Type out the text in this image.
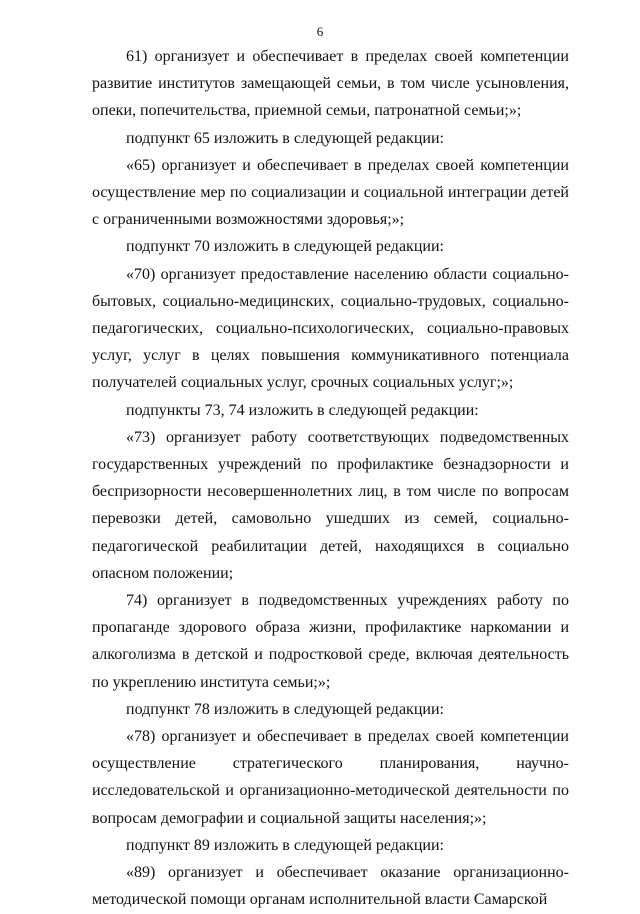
6

61) организует и обеспечивает в пределах своей компетенции развитие институтов замещающей семьи, в том числе усыновления, опеки, попечительства, приемной семьи, патронатной семьи;»;

подпункт 65 изложить в следующей редакции:

«65) организует и обеспечивает в пределах своей компетенции осуществление мер по социализации и социальной интеграции детей с ограниченными возможностями здоровья;»;

подпункт 70 изложить в следующей редакции:

«70) организует предоставление населению области социально-бытовых, социально-медицинских, социально-трудовых, социально-педагогических, социально-психологических, социально-правовых услуг, услуг в целях повышения коммуникативного потенциала получателей социальных услуг, срочных социальных услуг;»;

подпункты 73, 74 изложить в следующей редакции:

«73) организует работу соответствующих подведомственных государственных учреждений по профилактике безнадзорности и беспризорности несовершеннолетних лиц, в том числе по вопросам перевозки детей, самовольно ушедших из семей, социально-педагогической реабилитации детей, находящихся в социально опасном положении;

74) организует в подведомственных учреждениях работу по пропаганде здорового образа жизни, профилактике наркомании и алкоголизма в детской и подростковой среде, включая деятельность по укреплению института семьи;»;

подпункт 78 изложить в следующей редакции:

«78) организует и обеспечивает в пределах своей компетенции осуществление стратегического планирования, научно-исследовательской и организационно-методической деятельности по вопросам демографии и социальной защиты населения;»;

подпункт 89 изложить в следующей редакции:

«89) организует и обеспечивает оказание организационно-методической помощи органам исполнительной власти Самарской
